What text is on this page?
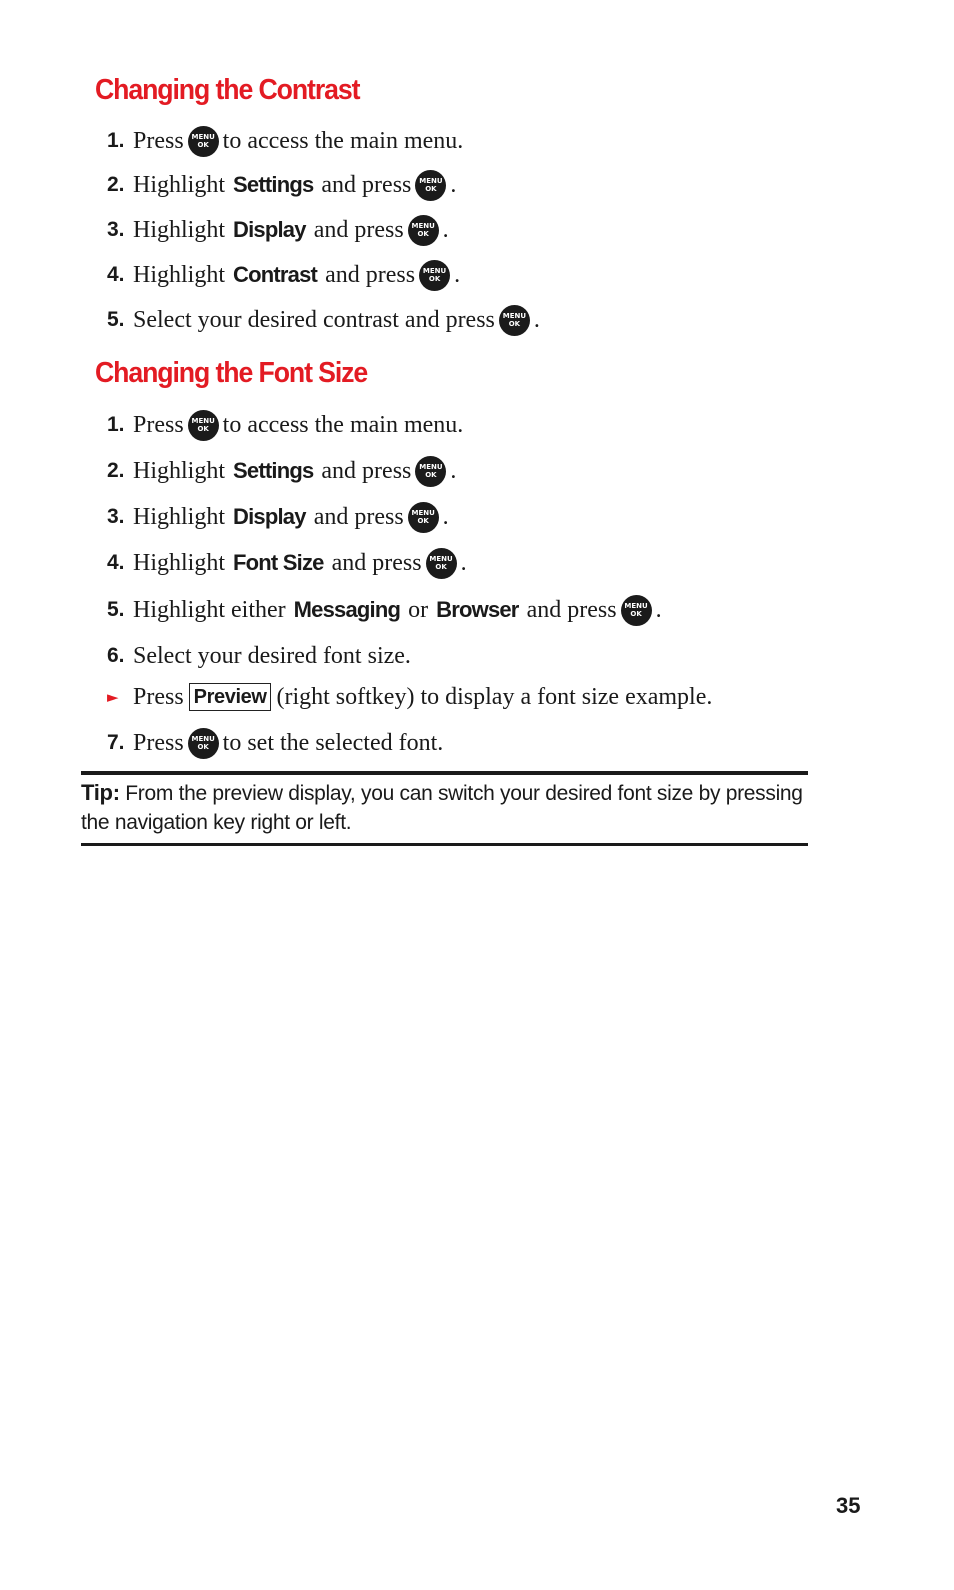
Changing the Contrast
1. Press MENU
OK to access the main menu.
2. Highlight
Settings
and press MENU
OK .
3. Highlight
Display
and press MENU
OK .
4. Highlight
Contrast
and press MENU
OK .
5. Select your desired contrast and press MENU
OK .
Changing the Font Size
1. Press MENU
OK to access the main menu.
2. Highlight
Settings
and press MENU
OK .
3. Highlight
Display
and press MENU
OK .
4. Highlight
Font Size
and press MENU
OK .
5. Highlight either
Messaging
or
Browser
and press MENU
OK .
6. Select your desired font size.
► Press Preview (right softkey) to display a font size example.
7. Press MENU
OK to set the selected font.
Tip: From the preview display, you can switch your desired font size by pressing the navigation key right or left.
35
